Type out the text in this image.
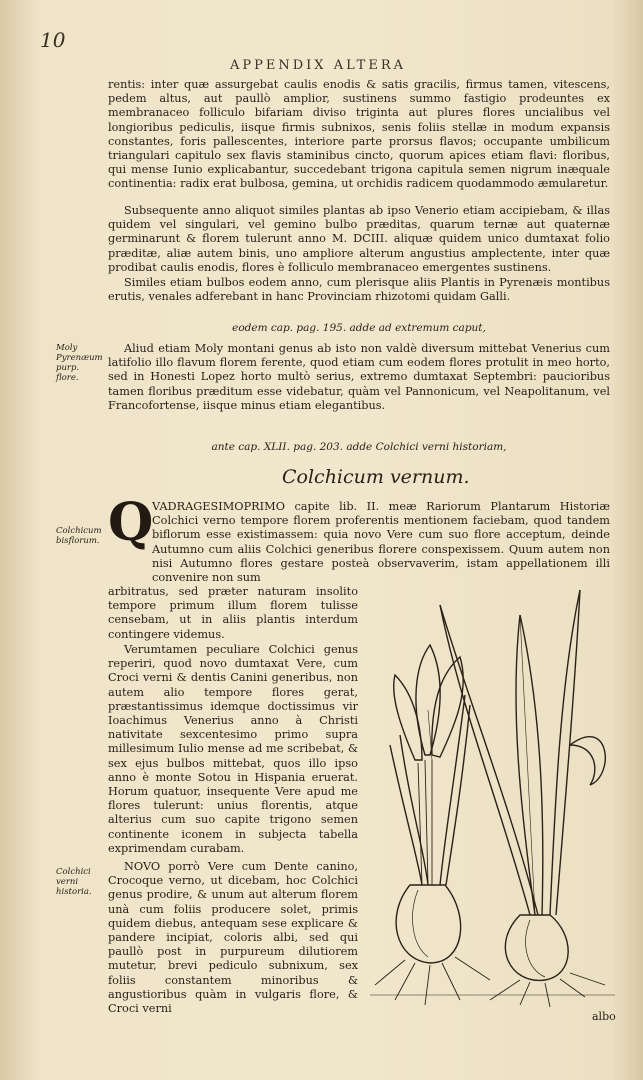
10
APPENDIX ALTERA

rentis: inter quæ assurgebat caulis enodis & satis gracilis, firmus tamen, vitescens, pedem altus, aut paullò amplior, sustinens summo fastigio prodeuntes ex membranaceo folliculo bifariam diviso triginta aut plures flores uncialibus vel longioribus pediculis, iisque firmis subnixos, senis foliis stellæ in modum expansis constantes, foris pallescentes, interiore parte prorsus flavos; occupante umbilicum triangulari capitulo sex flavis staminibus cincto, quorum apices etiam flavi: floribus, qui mense Iunio explicabantur, succedebant trigona capitula semen nigrum inæquale continentia: radix erat bulbosa, gemina, ut orchidis radicem quodammodo æmularetur.

Subsequente anno aliquot similes plantas ab ipso Venerio etiam accipiebam, & illas quidem vel singulari, vel gemino bulbo præditas, quarum ternæ aut quaternæ germinarunt & florem tulerunt anno M. DCIII. aliquæ quidem unico dumtaxat folio præditæ, aliæ autem binis, uno ampliore alterum angustius amplectente, inter quæ prodibat caulis enodis, flores è folliculo membranaceo emergentes sustinens.

Similes etiam bulbos eodem anno, cum plerisque aliis Plantis in Pyrenæis montibus erutis, venales adferebant in hanc Provinciam rhizotomi quidam Galli.

eodem cap. pag. 195. adde ad extremum caput,
Moly Pyrenæum purp. flore.

Aliud etiam Moly montani genus ab isto non valdè diversum mittebat Venerius cum latifolio illo flavum florem ferente, quod etiam cum eodem flores protulit in meo horto, sed in Honesti Lopez horto multò serius, extremo dumtaxat Septembri: paucioribus tamen floribus præditum esse videbatur, quàm vel Pannonicum, vel Neapolitanum, vel Francofortense, iisque minus etiam elegantibus.

ante cap. XLII. pag. 203. adde Colchici verni historiam,
Colchicum vernum.
Colchicum bisflorum. Q

VADRAGESIMOPRIMO capite lib. II. meæ Rariorum Plantarum Historiæ Colchici verno tempore florem proferentis mentionem faciebam, quod tandem biflorum esse existimassem: quia novo Vere cum suo flore acceptum, deinde Autumno cum aliis Colchici generibus florere conspexissem. Quum autem non nisi Autumno flores gestare posteà observaverim, istam appellationem illi convenire non sum

arbitratus, sed præter naturam insolito tempore primum illum florem tulisse censebam, ut in aliis plantis interdum contingere videmus.

Verumtamen peculiare Colchici genus reperiri, quod novo dumtaxat Vere, cum Croci verni & dentis Canini generibus, non autem alio tempore flores gerat, præstantissimus idemque doctissimus vir Ioachimus Venerius anno à Christi nativitate sexcentesimo primo supra millesimum Iulio mense ad me scribebat, & sex ejus bulbos mittebat, quos illo ipso anno è monte Sotou in Hispania eruerat. Horum quatuor, insequente Vere apud me flores tulerunt: unius florentis, atque alterius cum suo capite trigono semen continente iconem in subjecta tabella exprimendam curabam.

Colchici verni historia.

NOVO porrò Vere cum Dente canino, Crocoque verno, ut dicebam, hoc Colchici genus prodire, & unum aut alterum florem unà cum foliis producere solet, primis quidem diebus, antequam sese explicare & pandere incipiat, coloris albi, sed qui paullò post in purpureum dilutiorem mutetur, brevi pediculo subnixum, sex foliis constantem minoribus & angustioribus quàm in vulgaris flore, & Croci verni

albo
